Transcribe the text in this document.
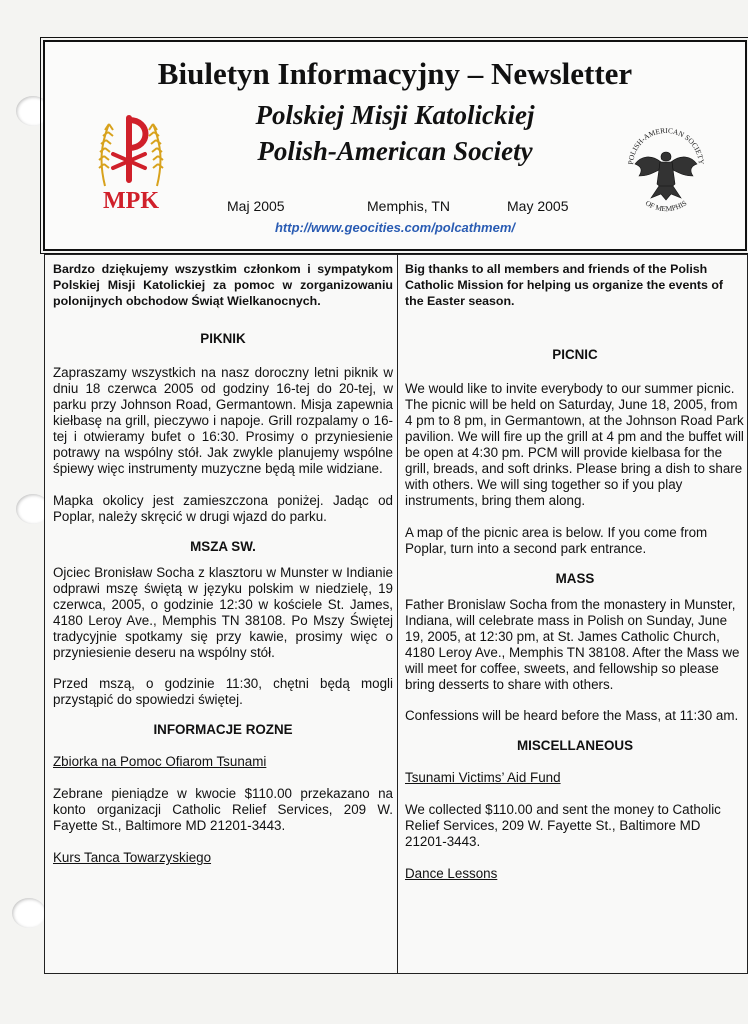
Biuletyn Informacyjny – Newsletter
Polskiej Misji Katolickiej
Polish-American Society
MPK
POLISH-AMERICAN SOCIETY
OF MEMPHIS
Maj 2005	Memphis, TN	May 2005
http://www.geocities.com/polcathmem/

Bardzo dziękujemy wszystkim członkom i sympatykom Polskiej Misji Katolickiej za pomoc w zorganizowaniu polonijnych obchodow Świąt Wielkanocnych.

PIKNIK

Zapraszamy wszystkich na nasz doroczny letni piknik w dniu 18 czerwca 2005 od godziny 16-tej do 20-tej, w parku przy Johnson Road, Germantown. Misja zapewnia kiełbasę na grill, pieczywo i napoje. Grill rozpalamy o 16-tej i otwieramy bufet o 16:30. Prosimy o przyniesienie potrawy na wspólny stół. Jak zwykle planujemy wspólne śpiewy więc instrumenty muzyczne będą mile widziane.

Mapka okolicy jest zamieszczona poniżej. Jadąc od Poplar, należy skręcić w drugi wjazd do parku.

MSZA SW.

Ojciec Bronisław Socha z klasztoru w Munster w Indianie odprawi mszę świętą w języku polskim w niedzielę, 19 czerwca, 2005, o godzinie 12:30 w kościele St. James, 4180 Leroy Ave., Memphis TN 38108. Po Mszy Świętej tradycyjnie spotkamy się przy kawie, prosimy więc o przyniesienie deseru na wspólny stół.

Przed mszą, o godzinie 11:30, chętni będą mogli przystąpić do spowiedzi świętej.

INFORMACJE ROZNE

Zbiorka na Pomoc Ofiarom Tsunami

Zebrane pieniądze w kwocie $110.00 przekazano na konto organizacji Catholic Relief Services, 209 W. Fayette St., Baltimore MD 21201-3443.

Kurs Tanca Towarzyskiego

Big thanks to all members and friends of the Polish Catholic Mission for helping us organize the events of the Easter season.

PICNIC

We would like to invite everybody to our summer picnic. The picnic will be held on Saturday, June 18, 2005, from 4 pm to 8 pm, in Germantown, at the Johnson Road Park pavilion. We will fire up the grill at 4 pm and the buffet will be open at 4:30 pm. PCM will provide kielbasa for the grill, breads, and soft drinks. Please bring a dish to share with others. We will sing together so if you play instruments, bring them along.

A map of the picnic area is below. If you come from Poplar, turn into a second park entrance.

MASS

Father Bronislaw Socha from the monastery in Munster, Indiana, will celebrate mass in Polish on Sunday, June 19, 2005, at 12:30 pm, at St. James Catholic Church, 4180 Leroy Ave., Memphis TN 38108. After the Mass we will meet for coffee, sweets, and fellowship so please bring desserts to share with others.

Confessions will be heard before the Mass, at 11:30 am.

MISCELLANEOUS

Tsunami Victims’ Aid Fund

We collected $110.00 and sent the money to Catholic Relief Services, 209 W. Fayette St., Baltimore MD 21201-3443.

Dance Lessons
